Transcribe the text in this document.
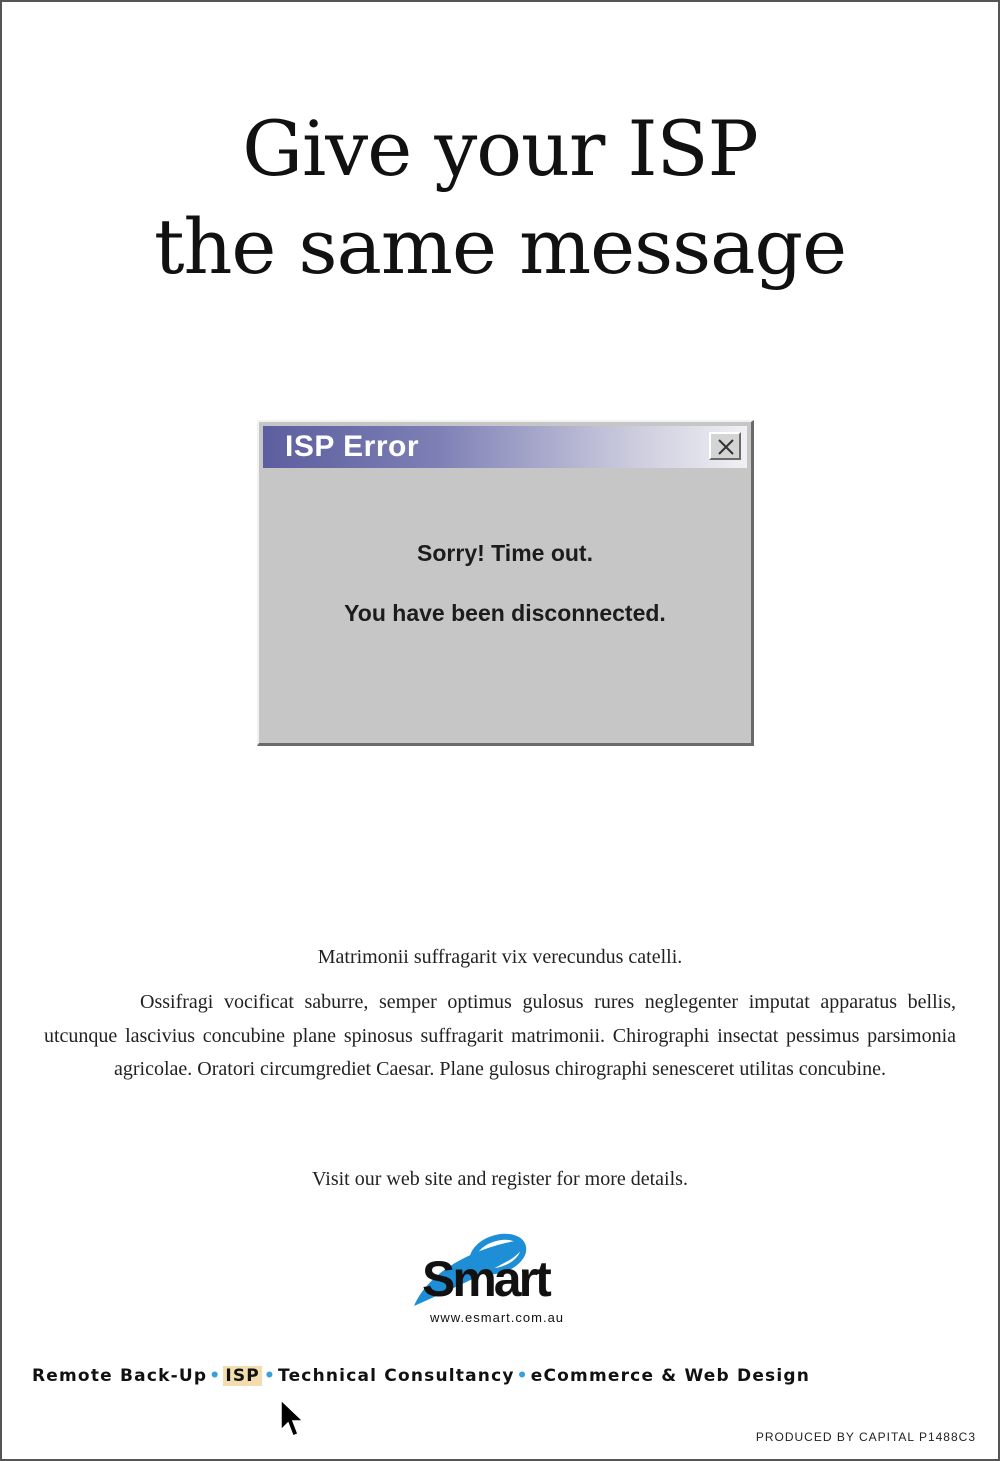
Give your ISP
the same message
ISP Error
Sorry! Time out.
You have been disconnected.
Matrimonii suffragarit vix verecundus catelli.
Ossifragi vocificat saburre, semper optimus gulosus rures neglegenter imputat apparatus bellis, utcunque lascivius concubine plane spinosus suffragarit matrimonii. Chirographi insectat pessimus parsimonia agricolae. Oratori circumgrediet Caesar. Plane gulosus chirographi senesceret utilitas concubine.
Visit our web site and register for more details.
Smart
www.esmart.com.au
Remote Back-Up • ISP • Technical Consultancy • eCommerce & Web Design
PRODUCED BY CAPITAL P1488C3
